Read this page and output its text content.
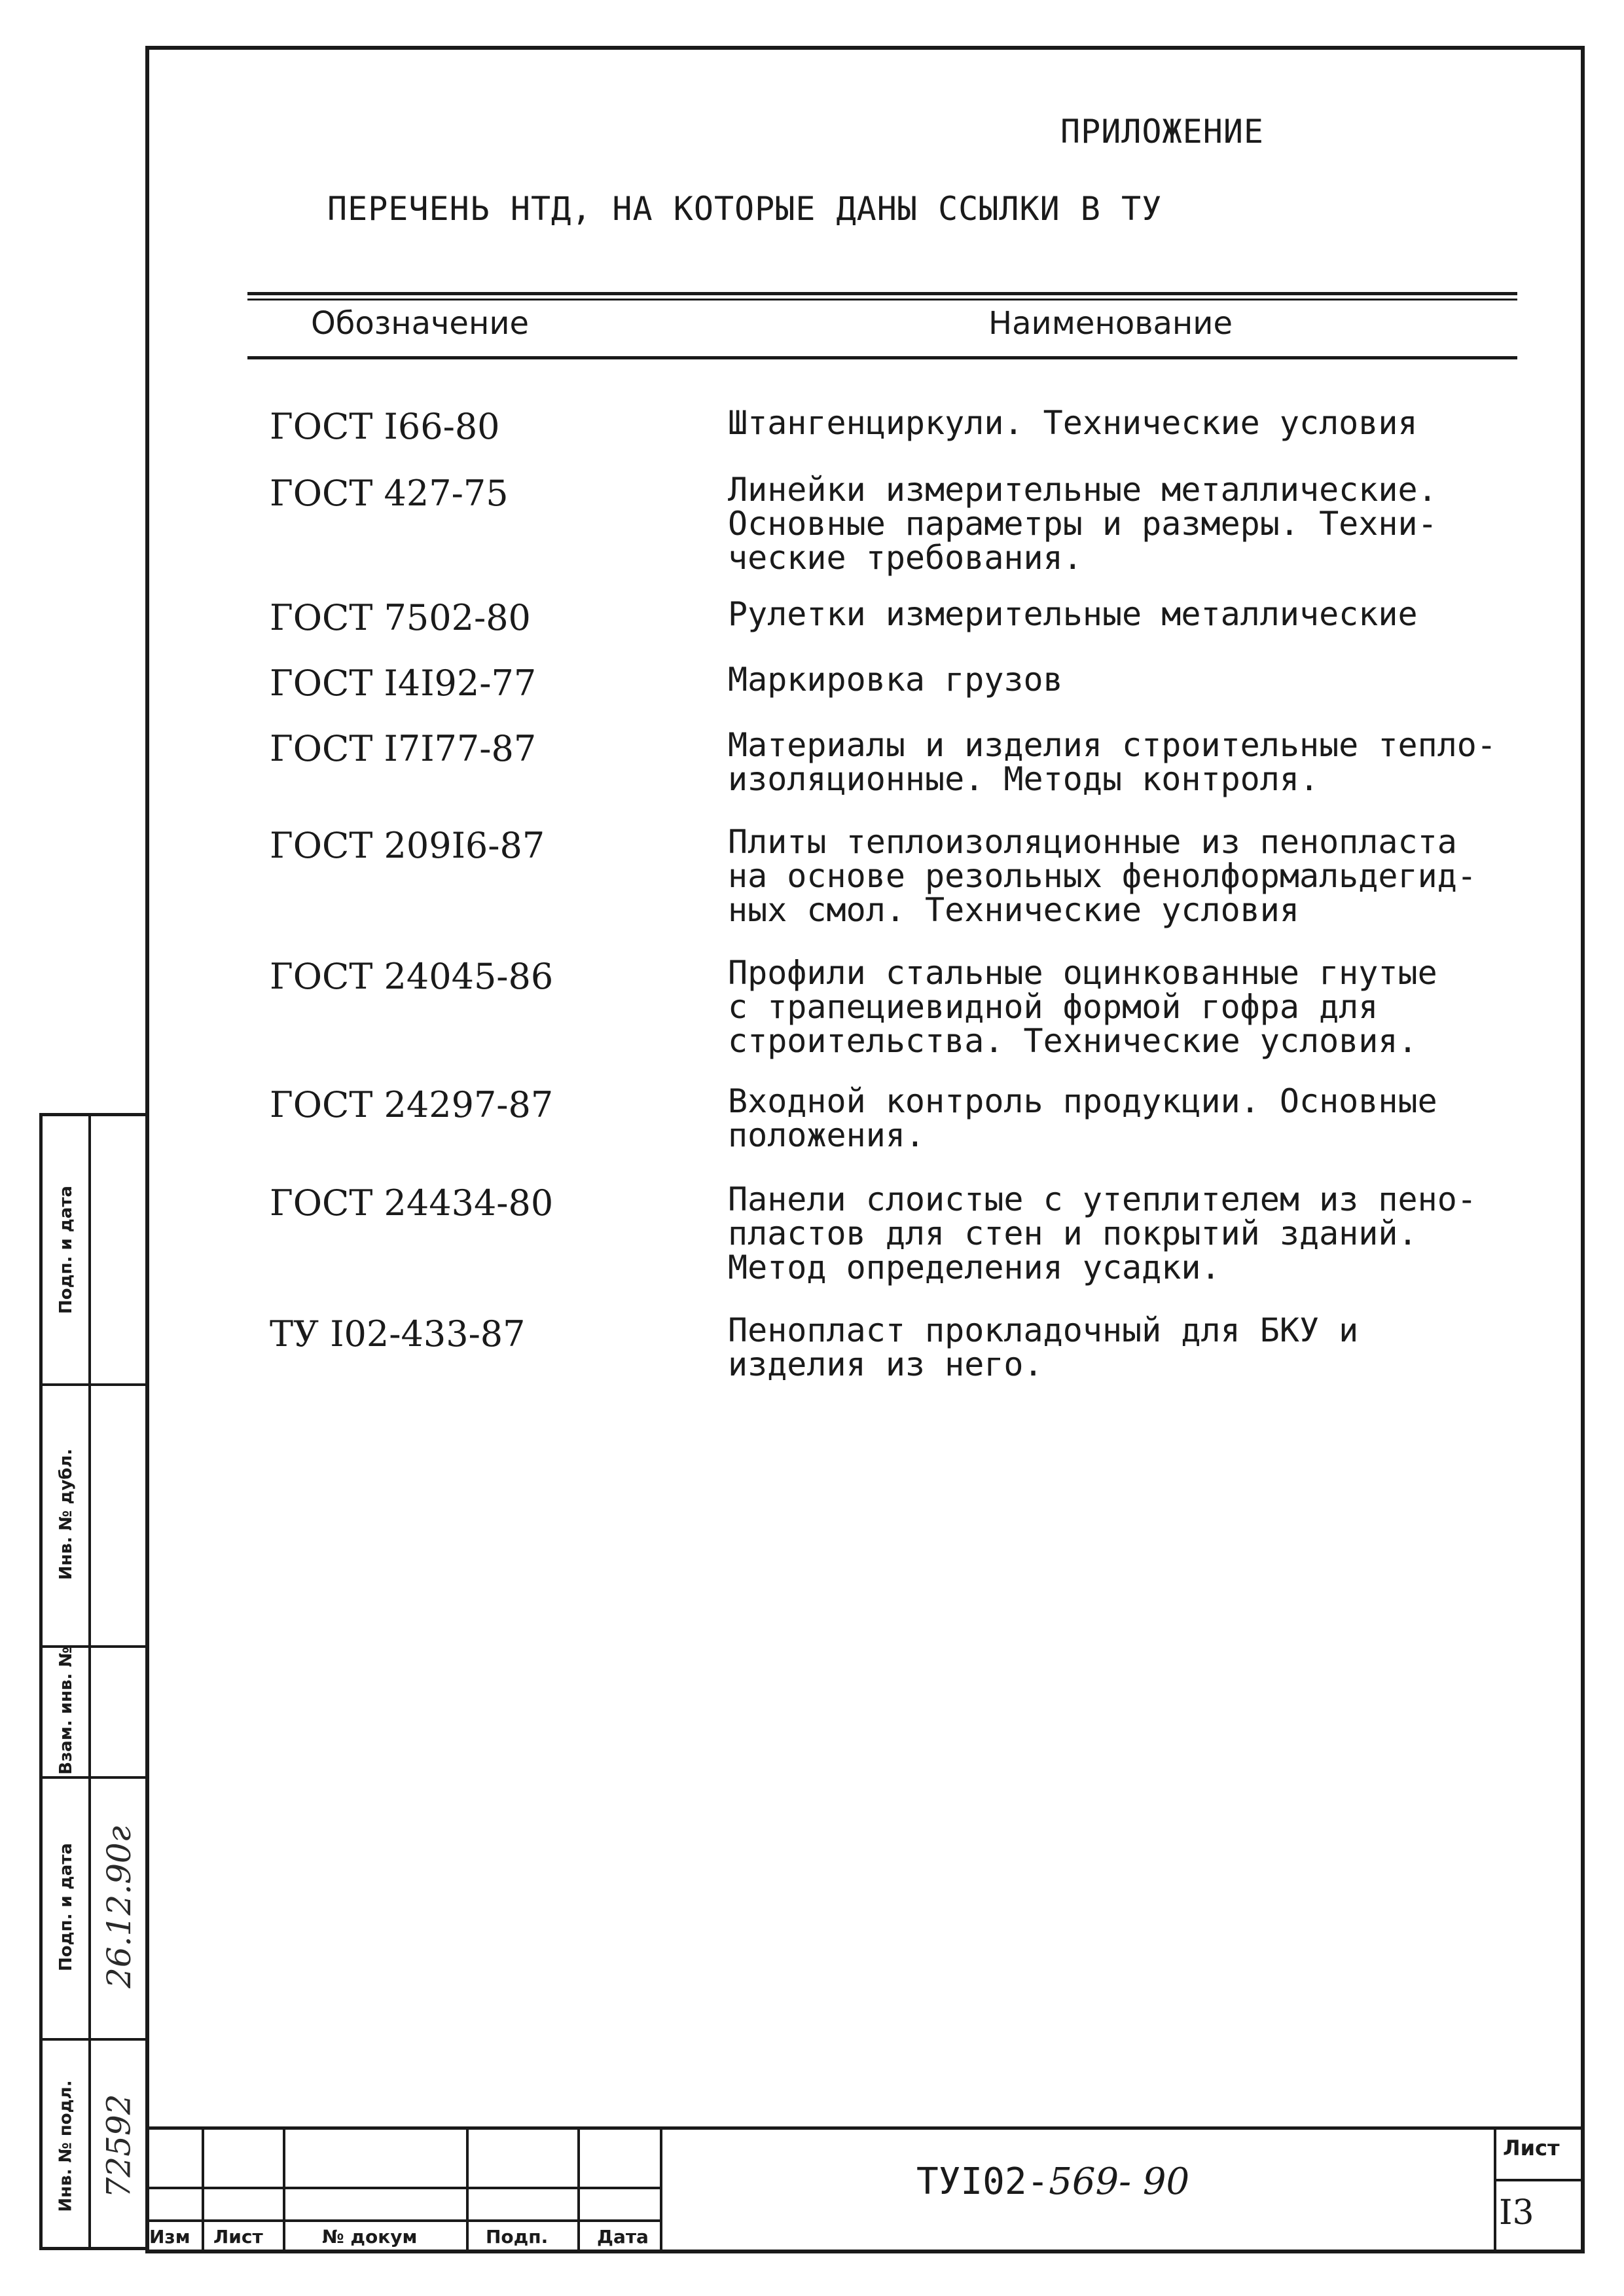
ПРИЛОЖЕНИЕ
ПЕРЕЧЕНЬ НТД, НА КОТОРЫЕ ДАНЫ ССЫЛКИ В ТУ
Обозначение	Наименование
ГОСТ I66-80	Штангенциркули. Технические условия
ГОСТ 427-75	Линейки измерительные металлические.
Основные параметры и размеры. Техни-
ческие требования.
ГОСТ 7502-80	Рулетки измерительные металлические
ГОСТ I4I92-77	Маркировка грузов
ГОСТ I7I77-87	Материалы и изделия строительные тепло-
изоляционные. Методы контроля.
ГОСТ 209I6-87	Плиты теплоизоляционные из пенопласта
на основе резольных фенолформальдегид-
ных смол. Технические условия
ГОСТ 24045-86	Профили стальные оцинкованные гнутые
с трапециевидной формой гофра для
строительства. Технические условия.
ГОСТ 24297-87	Входной контроль продукции. Основные
положения.
ГОСТ 24434-80	Панели слоистые с утеплителем из пено-
пластов для стен и покрытий зданий.
Метод определения усадки.
ТУ I02-433-87	Пенопласт прокладочный для БКУ и
изделия из него.
Подп. и дата
Инв. № дубл.
Взам. инв. №
Подп. и дата
Инв. № подл.
26.12.90г
72592
Изм Лист	№ докум	Подп.	Дата
ТУI02-569- 90
Лист
I3
